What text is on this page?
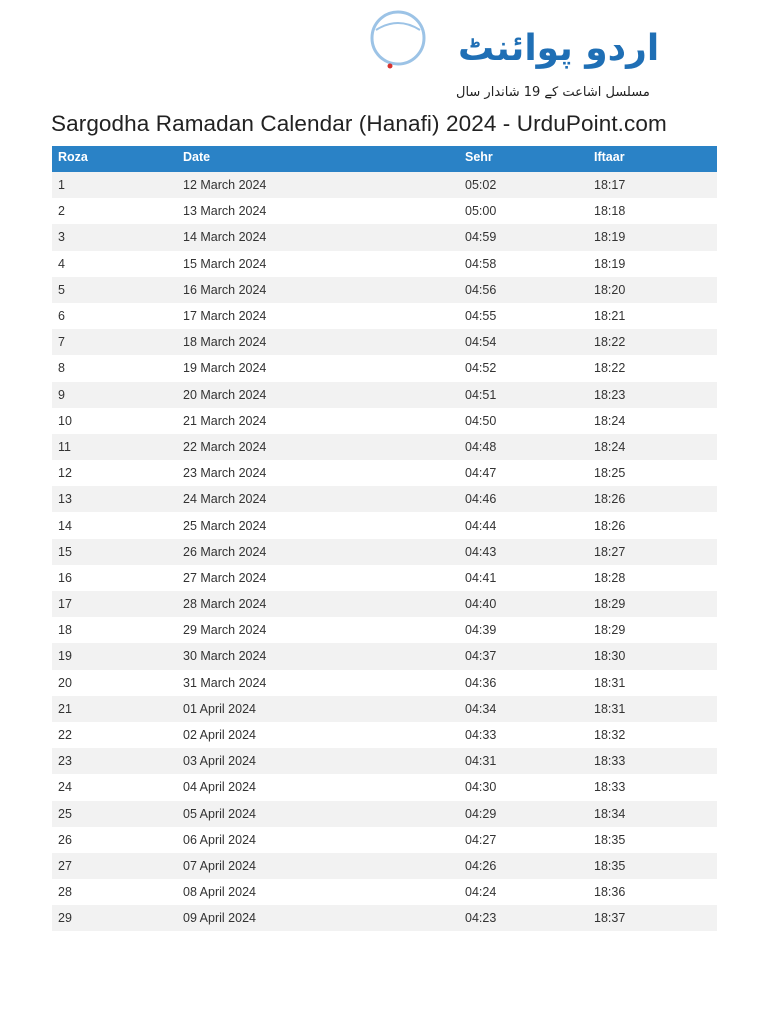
اردو پوائنٹ
مسلسل اشاعت کے 19 شاندار سال
Sargodha Ramadan Calendar (Hanafi) 2024 - UrduPoint.com
Roza	Date	Sehr	Iftaar
1	12 March 2024	05:02	18:17
2	13 March 2024	05:00	18:18
3	14 March 2024	04:59	18:19
4	15 March 2024	04:58	18:19
5	16 March 2024	04:56	18:20
6	17 March 2024	04:55	18:21
7	18 March 2024	04:54	18:22
8	19 March 2024	04:52	18:22
9	20 March 2024	04:51	18:23
10	21 March 2024	04:50	18:24
11	22 March 2024	04:48	18:24
12	23 March 2024	04:47	18:25
13	24 March 2024	04:46	18:26
14	25 March 2024	04:44	18:26
15	26 March 2024	04:43	18:27
16	27 March 2024	04:41	18:28
17	28 March 2024	04:40	18:29
18	29 March 2024	04:39	18:29
19	30 March 2024	04:37	18:30
20	31 March 2024	04:36	18:31
21	01 April 2024	04:34	18:31
22	02 April 2024	04:33	18:32
23	03 April 2024	04:31	18:33
24	04 April 2024	04:30	18:33
25	05 April 2024	04:29	18:34
26	06 April 2024	04:27	18:35
27	07 April 2024	04:26	18:35
28	08 April 2024	04:24	18:36
29	09 April 2024	04:23	18:37
